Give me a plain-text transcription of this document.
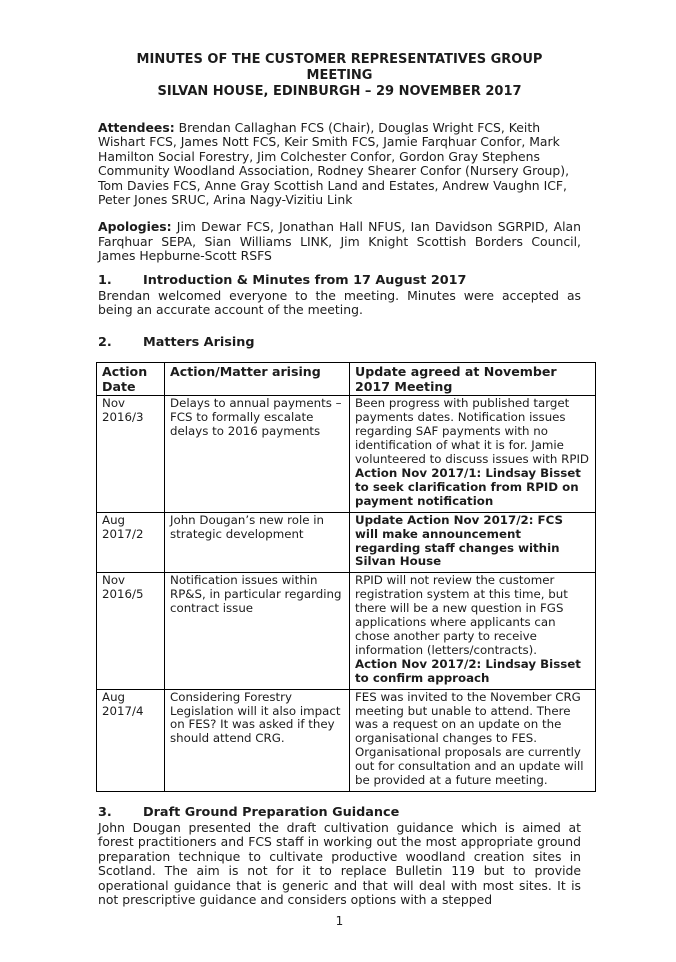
MINUTES OF THE CUSTOMER REPRESENTATIVES GROUP
MEETING
SILVAN HOUSE, EDINBURGH – 29 NOVEMBER 2017
Attendees: Brendan Callaghan FCS (Chair), Douglas Wright FCS, Keith Wishart FCS, James Nott FCS, Keir Smith FCS, Jamie Farqhuar Confor, Mark Hamilton Social Forestry, Jim Colchester Confor, Gordon Gray Stephens Community Woodland Association, Rodney Shearer Confor (Nursery Group), Tom Davies FCS, Anne Gray Scottish Land and Estates, Andrew Vaughn ICF, Peter Jones SRUC, Arina Nagy-Vizitiu Link
Apologies: Jim Dewar FCS, Jonathan Hall NFUS, Ian Davidson SGRPID, Alan Farqhuar SEPA, Sian Williams LINK, Jim Knight Scottish Borders Council, James Hepburne-Scott RSFS
1. Introduction & Minutes from 17 August 2017
Brendan welcomed everyone to the meeting. Minutes were accepted as being an accurate account of the meeting.
2. Matters Arising
Action Date	Action/Matter arising	Update agreed at November 2017 Meeting
Nov 2016/3	Delays to annual payments – FCS to formally escalate delays to 2016 payments	Been progress with published target payments dates. Notification issues regarding SAF payments with no identification of what it is for. Jamie volunteered to discuss issues with RPID
Action Nov 2017/1: Lindsay Bisset to seek clarification from RPID on payment notification

Aug 2017/2	John Dougan’s new role in strategic development	Update Action Nov 2017/2: FCS will make announcement regarding staff changes within Silvan House

Nov 2016/5	Notification issues within RP&S, in particular regarding contract issue	RPID will not review the customer registration system at this time, but there will be a new question in FGS applications where applicants can chose another party to receive information (letters/contracts).
Action Nov 2017/2: Lindsay Bisset to confirm approach

Aug 2017/4	Considering Forestry Legislation will it also impact on FES? It was asked if they should attend CRG.	FES was invited to the November CRG meeting but unable to attend. There was a request on an update on the organisational changes to FES. Organisational proposals are currently out for consultation and an update will be provided at a future meeting.
3. Draft Ground Preparation Guidance
John Dougan presented the draft cultivation guidance which is aimed at forest practitioners and FCS staff in working out the most appropriate ground preparation technique to cultivate productive woodland creation sites in Scotland. The aim is not for it to replace Bulletin 119 but to provide operational guidance that is generic and that will deal with most sites. It is not prescriptive guidance and considers options with a stepped
1
